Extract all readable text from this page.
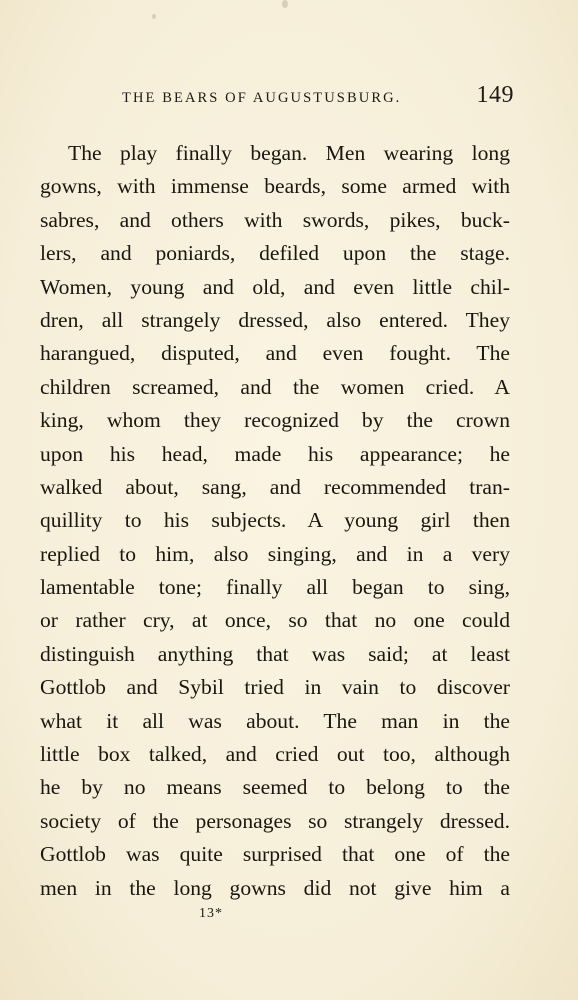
THE BEARS OF AUGUSTUSBURG.	149
The play finally began. Men wearing long
gowns, with immense beards, some armed with
sabres, and others with swords, pikes, buck-
lers, and poniards, defiled upon the stage.
Women, young and old, and even little chil-
dren, all strangely dressed, also entered. They
harangued, disputed, and even fought. The
children screamed, and the women cried. A
king, whom they recognized by the crown
upon his head, made his appearance; he
walked about, sang, and recommended tran-
quillity to his subjects. A young girl then
replied to him, also singing, and in a very
lamentable tone; finally all began to sing,
or rather cry, at once, so that no one could
distinguish anything that was said; at least
Gottlob and Sybil tried in vain to discover
what it all was about. The man in the
little box talked, and cried out too, although
he by no means seemed to belong to the
society of the personages so strangely dressed.
Gottlob was quite surprised that one of the
men in the long gowns did not give him a
13*
